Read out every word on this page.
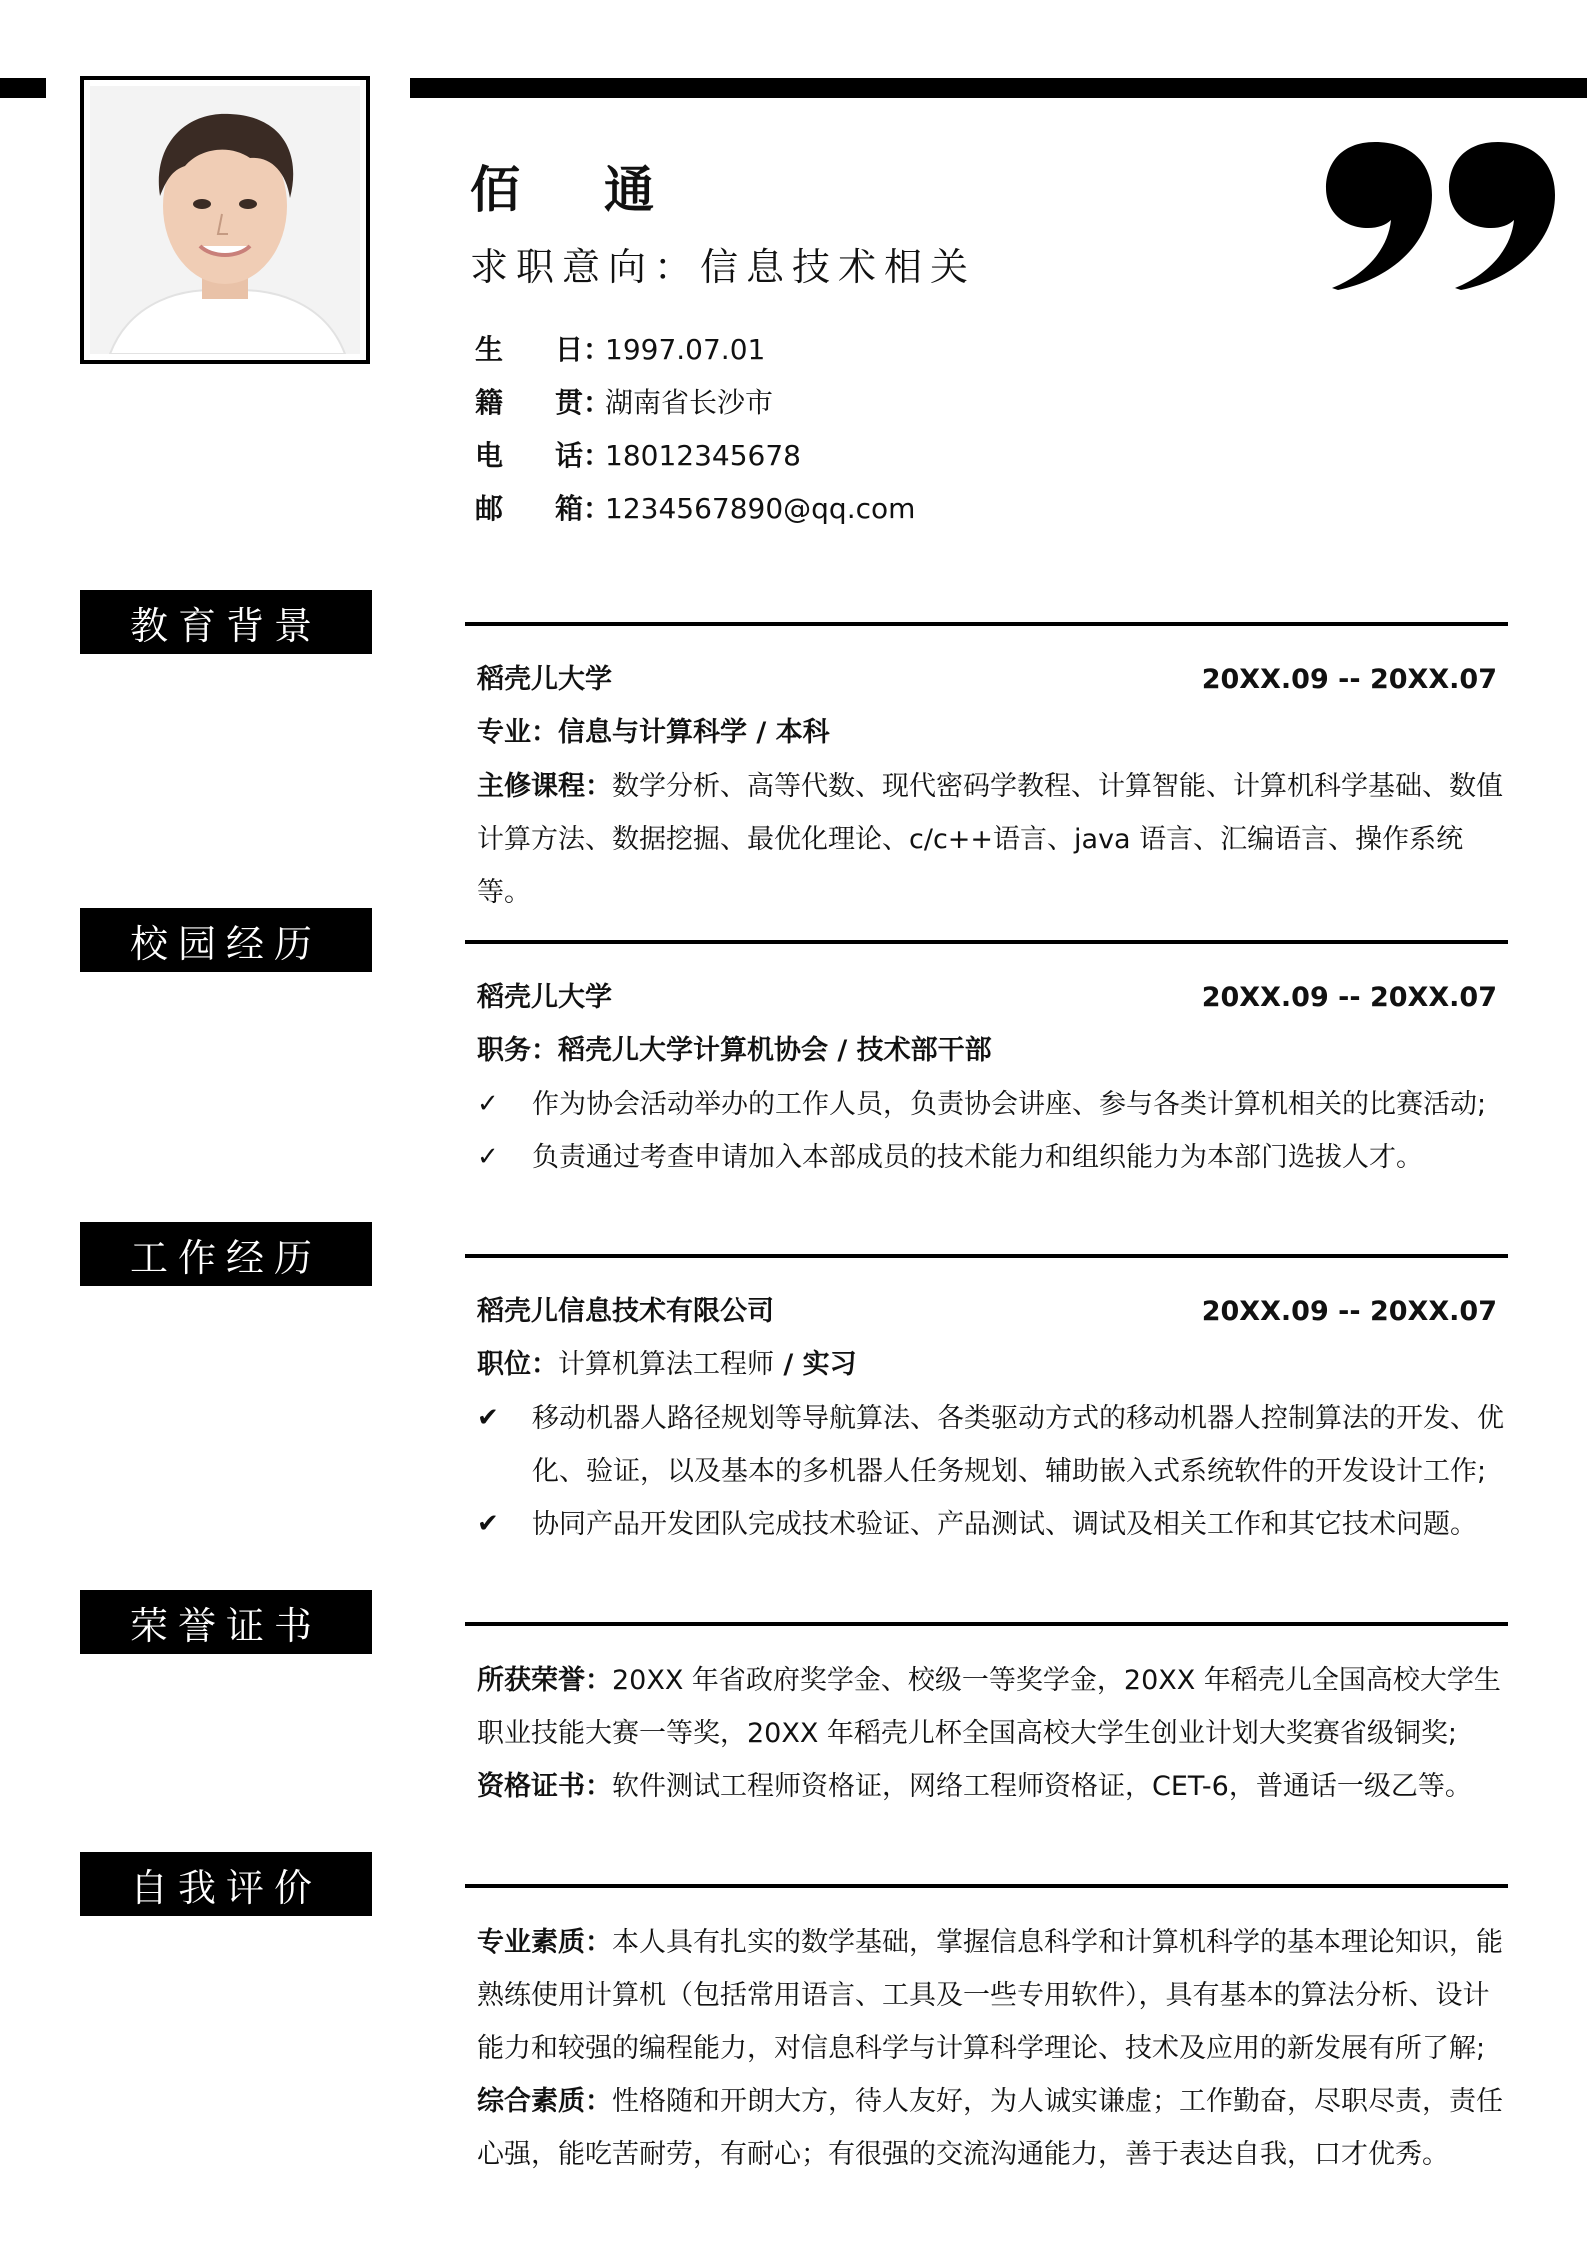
佰 通
求职意向：信息技术相关
生 日：
1997.07.01
籍 贯：
湖南省长沙市
电 话：
18012345678
邮 箱：
1234567890@qq.com
教育背景
稻壳儿大学	20XX.09 -- 20XX.07
专业：信息与计算科学 / 本科
主修课程：数学分析、高等代数、现代密码学教程、计算智能、计算机科学基础、数值计算方法、数据挖掘、最优化理论、c/c++语言、java 语言、汇编语言、操作系统等。
校园经历
稻壳儿大学	20XX.09 -- 20XX.07
职务：稻壳儿大学计算机协会 / 技术部干部
✓ 作为协会活动举办的工作人员，负责协会讲座、参与各类计算机相关的比赛活动;
✓ 负责通过考查申请加入本部成员的技术能力和组织能力为本部门选拔人才。
工作经历
稻壳儿信息技术有限公司	20XX.09 -- 20XX.07
职位：计算机算法工程师 / 实习
✔ 移动机器人路径规划等导航算法、各类驱动方式的移动机器人控制算法的开发、优化、验证，以及基本的多机器人任务规划、辅助嵌入式系统软件的开发设计工作;
✔ 协同产品开发团队完成技术验证、产品测试、调试及相关工作和其它技术问题。
荣誉证书
所获荣誉：20XX 年省政府奖学金、校级一等奖学金，20XX 年稻壳儿全国高校大学生职业技能大赛一等奖，20XX 年稻壳儿杯全国高校大学生创业计划大奖赛省级铜奖;
资格证书：软件测试工程师资格证，网络工程师资格证，CET-6，普通话一级乙等。
自我评价
专业素质：本人具有扎实的数学基础，掌握信息科学和计算机科学的基本理论知识，能熟练使用计算机（包括常用语言、工具及一些专用软件），具有基本的算法分析、设计能力和较强的编程能力，对信息科学与计算科学理论、技术及应用的新发展有所了解;
综合素质：性格随和开朗大方，待人友好，为人诚实谦虚；工作勤奋，尽职尽责，责任心强，能吃苦耐劳，有耐心；有很强的交流沟通能力，善于表达自我，口才优秀。
